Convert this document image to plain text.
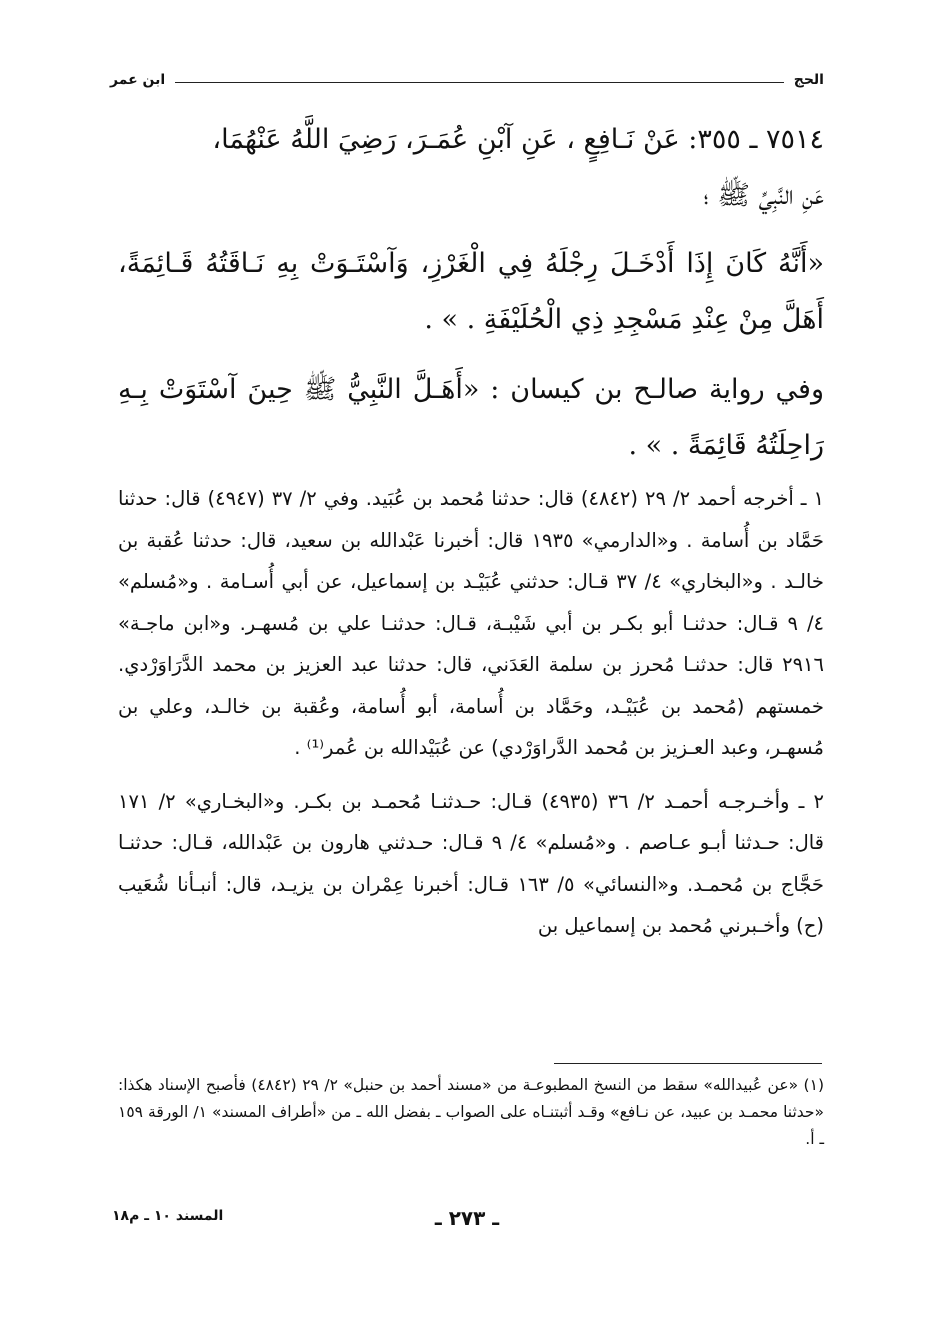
الحج
ابن عمر

٧٥١٤ ـ ٣٥٥: عَنْ نَـافِعٍ ، عَنِ آبْنِ عُمَـرَ، رَضِيَ اللَّهُ عَنْهُمَا،

عَنِ النَّبِيِّ ﷺ ؛

«أَنَّهُ كَانَ إِذَا أَدْخَـلَ رِجْلَهُ فِي الْغَرْزِ، وَآسْتَـوَتْ بِهِ نَـاقَتُهُ قَـائِمَةً، أَهَلَّ مِنْ عِنْدِ مَسْجِدِ ذِي الْحُلَيْفَةِ . » .

وفي رواية صالـح بن كيسان : «أَهَـلَّ النَّبِيُّ ﷺ حِينَ آسْتَوَتْ بِـهِ رَاحِلَتُهُ قَائِمَةً . » .

١ ـ أخرجه أحمد ٢/ ٢٩ (٤٨٤٢) قال: حدثنا مُحمد بن عُبَيد. وفي ٢/ ٣٧ (٤٩٤٧) قال: حدثنا حَمَّاد بن أُسامة . و«الدارمي» ١٩٣٥ قال: أخبرنا عَبْدالله بن سعيد، قال: حدثنا عُقبة بن خالـد . و«البخاري» ٤/ ٣٧ قـال: حدثني عُبَيْـد بن إسماعيل، عن أبي أُسـامة . و«مُسلم» ٤/ ٩ قـال: حدثنـا أبو بكـر بن أبي شَيْبـة، قـال: حدثنـا علي بن مُسهـر. و«ابن ماجـة» ٢٩١٦ قال: حدثنـا مُحرز بن سلمة العَدَني، قال: حدثنا عبد العزيز بن محمد الدَّرَاوَرْدي. خمستهم (مُحمد بن عُبَيْـد، وحَمَّاد بن أُسامة، أبو أُسامة، وعُقبة بن خالـد، وعلي بن مُسهـر، وعبد العـزيز بن مُحمد الدَّراوَرْدي) عن عُبَيْدالله بن عُمر⁽¹⁾ .

٢ ـ وأخـرجـه أحمـد ٢/ ٣٦ (٤٩٣٥) قـال: حـدثنـا مُحمـد بن بكـر. و«البخـاري» ٢/ ١٧١ قال: حـدثنا أبـو عـاصم . و«مُسلم» ٤/ ٩ قـال: حـدثني هارون بن عَبْدالله، قـال: حدثنـا حَجَّاج بن مُحمـد. و«النسائي» ٥/ ١٦٣ قـال: أخبرنا عِمْران بن يزيـد، قال: أنبـأنا شُعَيب (ح) وأخـبرني مُحمد بن إسماعيل بن

(١) «عن عُبيدالله» سقط من النسخ المطبوعـة من «مسند أحمد بن حنبل» ٢/ ٢٩ (٤٨٤٢) فأصبح الإسناد هكذا: «حدثنا محمـد بن عبيد، عن نـافع» وقـد أثبتنـاه على الصواب ـ بفضل الله ـ من «أطراف المسند» ١/ الورقة ١٥٩ ـ أ.

ـ ٢٧٣ ـ
المسند ١٠ ـ م١٨
